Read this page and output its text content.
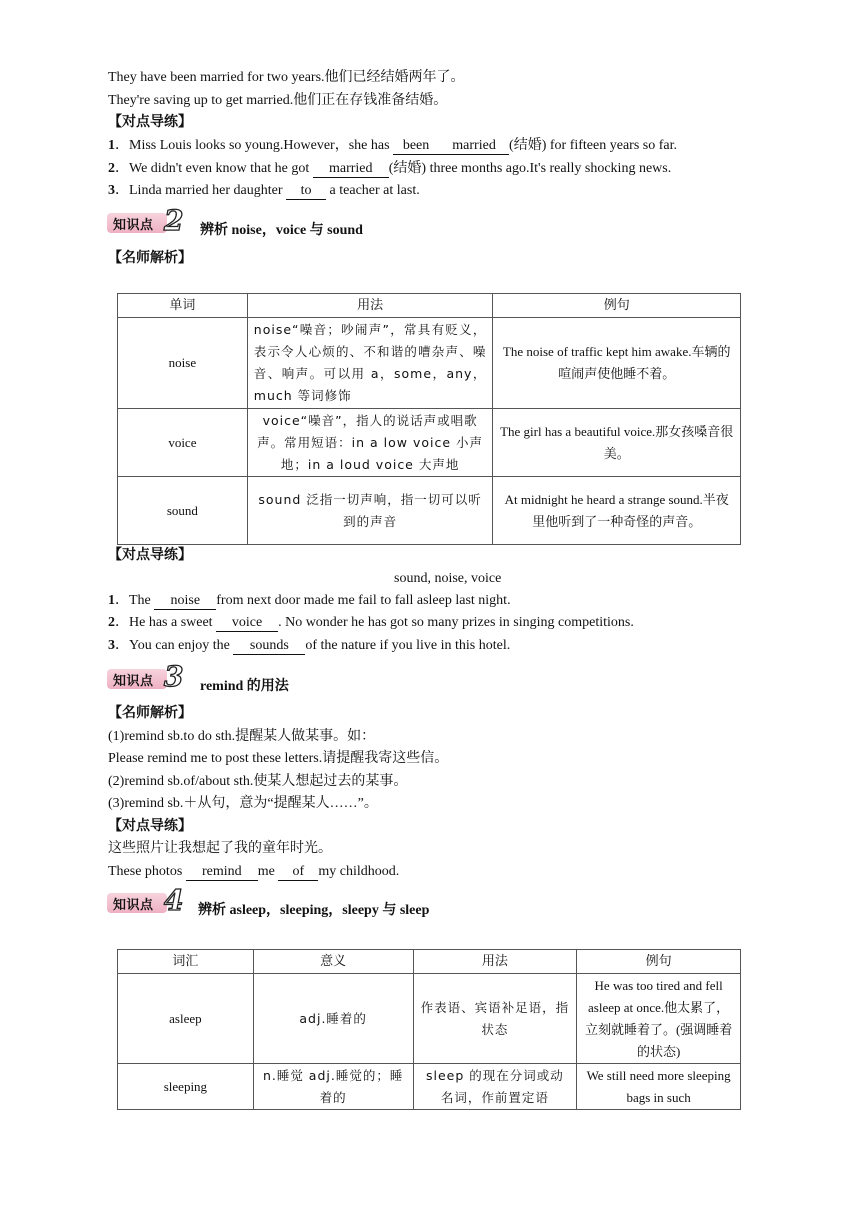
They have been married for two years.他们已经结婚两年了。
They're saving up to get married.他们正在存钱准备结婚。
【对点导练】
1．Miss Louis looks so young.However，she has been married (结婚) for fifteen years so far.
2．We didn't even know that he got married (结婚) three months ago.It's really shocking news.
3．Linda married her daughter to a teacher at last.
知识点 2 辨析 noise，voice 与 sound
【名师解析】
单词	用法	例句
noise	noise“噪音；吵闹声”，常具有贬义，表示令人心烦的、不和谐的嘈杂声、噪音、响声。可以用 a，some，any，much 等词修饰	The noise of traffic kept him awake.车辆的喧闹声使他睡不着。
voice	voice“噪音”，指人的说话声或唱歌声。常用短语：in a low voice 小声地；in a loud voice 大声地	The girl has a beautiful voice.那女孩嗓音很美。
sound	sound 泛指一切声响，指一切可以听到的声音	At midnight he heard a strange sound.半夜里他听到了一种奇怪的声音。
【对点导练】
sound, noise, voice
1．The noise from next door made me fail to fall asleep last night.
2．He has a sweet voice . No wonder he has got so many prizes in singing competitions.
3．You can enjoy the sounds of the nature if you live in this hotel.
知识点 3 remind 的用法
【名师解析】
(1)remind sb.to do sth.提醒某人做某事。如：
Please remind me to post these letters.请提醒我寄这些信。
(2)remind sb.of/about sth.使某人想起过去的某事。
(3)remind sb.＋从句，意为“提醒某人……”。
【对点导练】
这些照片让我想起了我的童年时光。
These photos remind me of my childhood.
知识点 4 辨析 asleep，sleeping，sleepy 与 sleep
词汇	意义	用法	例句
asleep	adj.睡着的	作表语、宾语补足语，指状态	He was too tired and fell asleep at once.他太累了，立刻就睡着了。(强调睡着的状态)
sleeping	n.睡觉 adj.睡觉的；睡着的	sleep 的现在分词或动名词，作前置定语	We still need more sleeping bags in such
